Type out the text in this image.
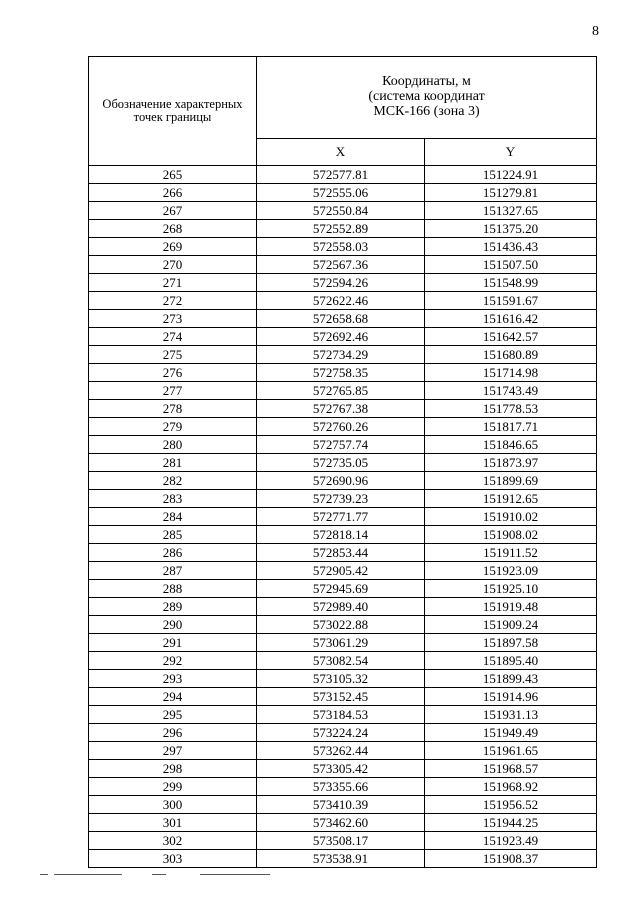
8
Обозначение характерных точек границы	Координаты, м
(система координат
МСК-166 (зона 3)	
	X	Y
265	572577.81	151224.91
266	572555.06	151279.81
267	572550.84	151327.65
268	572552.89	151375.20
269	572558.03	151436.43
270	572567.36	151507.50
271	572594.26	151548.99
272	572622.46	151591.67
273	572658.68	151616.42
274	572692.46	151642.57
275	572734.29	151680.89
276	572758.35	151714.98
277	572765.85	151743.49
278	572767.38	151778.53
279	572760.26	151817.71
280	572757.74	151846.65
281	572735.05	151873.97
282	572690.96	151899.69
283	572739.23	151912.65
284	572771.77	151910.02
285	572818.14	151908.02
286	572853.44	151911.52
287	572905.42	151923.09
288	572945.69	151925.10
289	572989.40	151919.48
290	573022.88	151909.24
291	573061.29	151897.58
292	573082.54	151895.40
293	573105.32	151899.43
294	573152.45	151914.96
295	573184.53	151931.13
296	573224.24	151949.49
297	573262.44	151961.65
298	573305.42	151968.57
299	573355.66	151968.92
300	573410.39	151956.52
301	573462.60	151944.25
302	573508.17	151923.49
303	573538.91	151908.37
